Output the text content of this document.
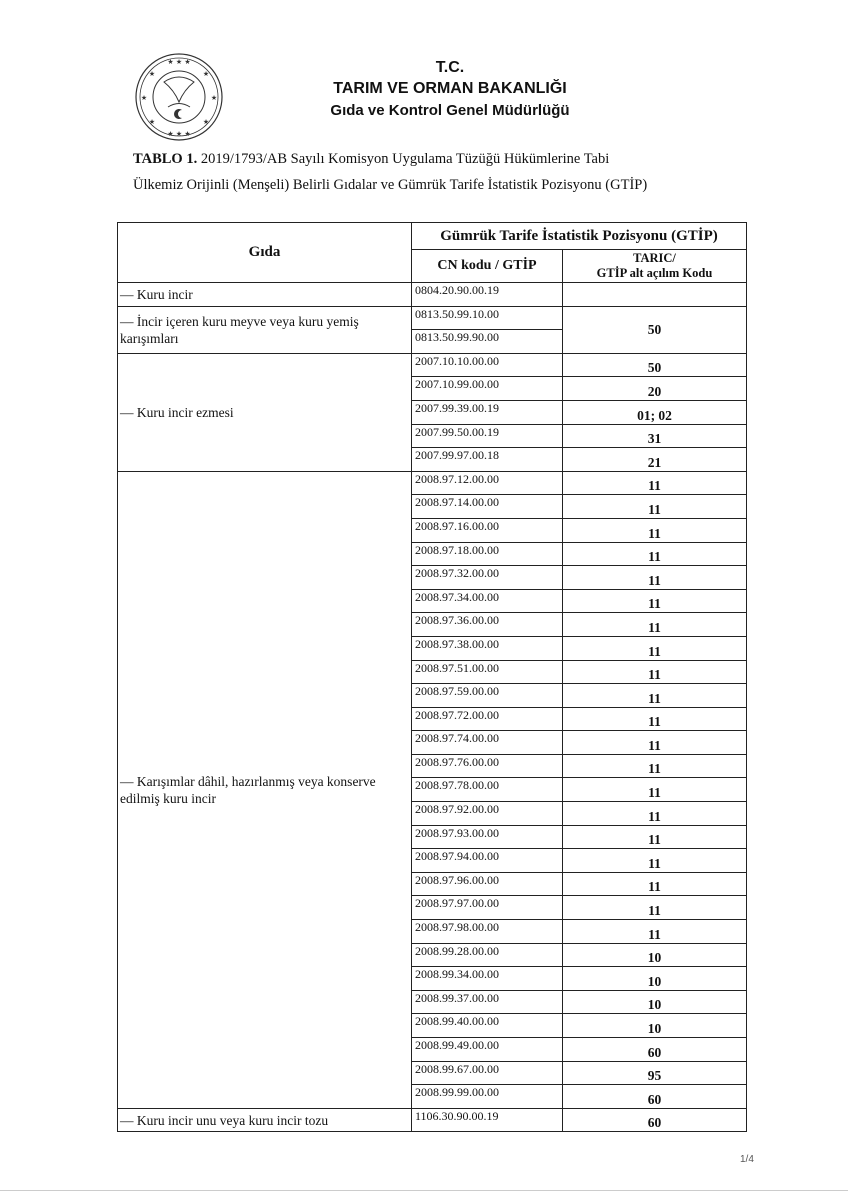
★ ★ ★
★ ★ ★
★	★
★	★
★	★
T.C.
TARIM VE ORMAN BAKANLIĞI
Gıda ve Kontrol Genel Müdürlüğü
TABLO 1. 2019/1793/AB Sayılı Komisyon Uygulama Tüzüğü Hükümlerine Tabi
Ülkemiz Orijinli (Menşeli) Belirli Gıdalar ve Gümrük Tarife İstatistik Pozisyonu (GTİP)
Gıda	Gümrük Tarife İstatistik Pozisyonu (GTİP)	
	CN kodu / GTİP	TARIC/
GTİP alt açılım Kodu

— Kuru incir	0804.20.90.00.19	
— İncir içeren kuru meyve veya kuru yemiş karışımları	0813.50.99.10.00	50
	0813.50.99.90.00	
— Kuru incir ezmesi	2007.10.10.00.00	50
	2007.10.99.00.00	20
	2007.99.39.00.19	01; 02
	2007.99.50.00.19	31
	2007.99.97.00.18	21
— Karışımlar dâhil, hazırlanmış veya konserve edilmiş kuru incir	2008.97.12.00.00	11
	2008.97.14.00.00	11
	2008.97.16.00.00	11
	2008.97.18.00.00	11
	2008.97.32.00.00	11
	2008.97.34.00.00	11
	2008.97.36.00.00	11
	2008.97.38.00.00	11
	2008.97.51.00.00	11
	2008.97.59.00.00	11
	2008.97.72.00.00	11
	2008.97.74.00.00	11
	2008.97.76.00.00	11
	2008.97.78.00.00	11
	2008.97.92.00.00	11
	2008.97.93.00.00	11
	2008.97.94.00.00	11
	2008.97.96.00.00	11
	2008.97.97.00.00	11
	2008.97.98.00.00	11
	2008.99.28.00.00	10
	2008.99.34.00.00	10
	2008.99.37.00.00	10
	2008.99.40.00.00	10
	2008.99.49.00.00	60
	2008.99.67.00.00	95
	2008.99.99.00.00	60
— Kuru incir unu veya kuru incir tozu	1106.30.90.00.19	60
1/4
